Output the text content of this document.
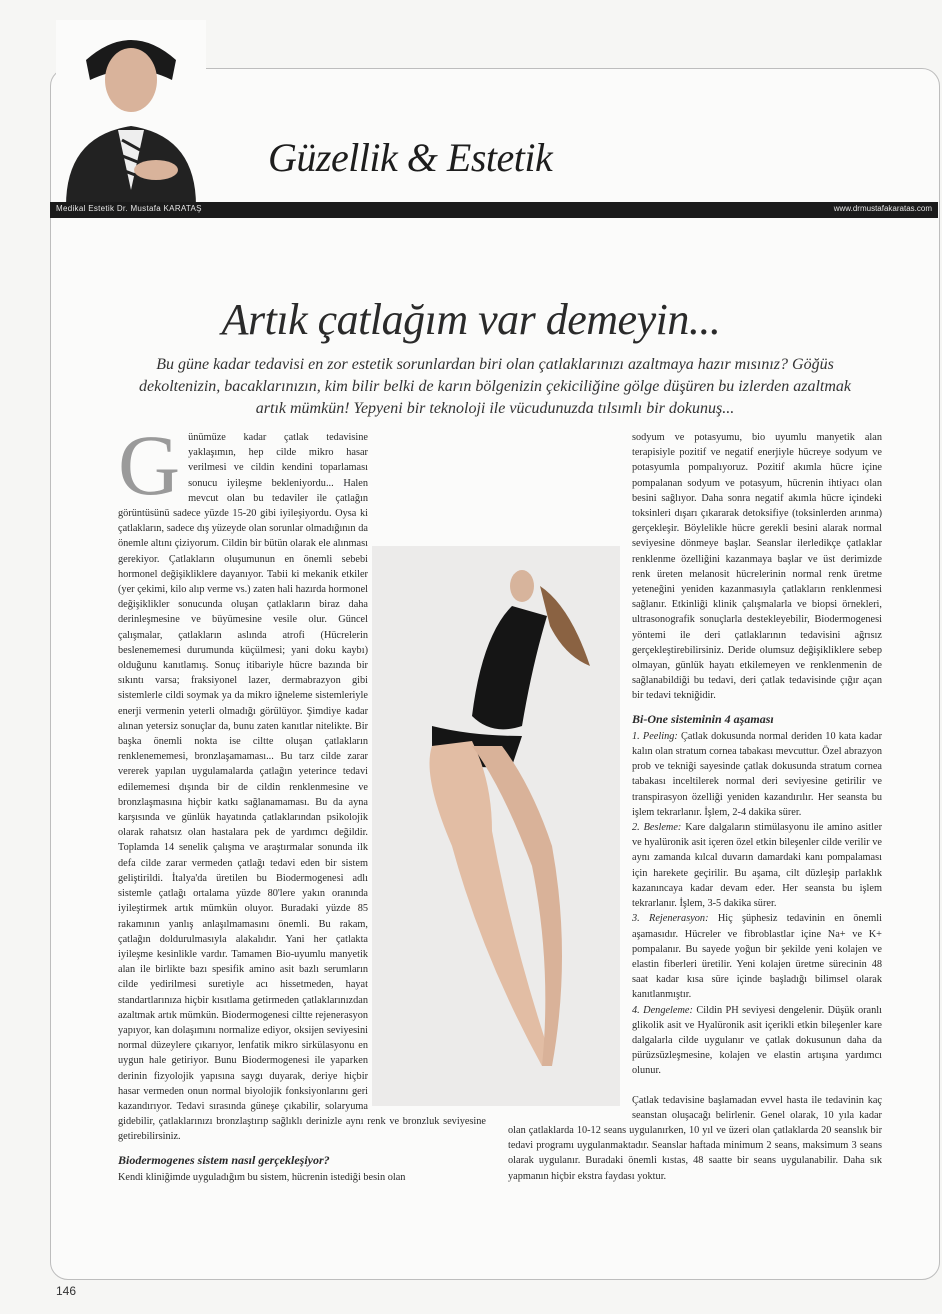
Güzellik & Estetik
Medikal Estetik Dr. Mustafa KARATAŞ	www.drmustafakaratas.com
Artık çatlağım var demeyin...
Bu güne kadar tedavisi en zor estetik sorunlardan biri olan çatlaklarınızı azaltmaya hazır mısınız? Göğüs dekoltenizin, bacaklarınızın, kim bilir belki de karın bölgenizin çekiciliğine gölge düşüren bu izlerden azaltmak artık mümkün! Yepyeni bir teknoloji ile vücudunuzda tılsımlı bir dokunuş...
G ünümüze kadar çatlak tedavisine yaklaşımın, hep cilde mikro hasar verilmesi ve cildin kendini toparlaması sonucu iyileşme bekleniyordu... Halen mevcut olan bu tedaviler ile çatlağın görüntüsünü sadece yüzde 15-20 gibi iyileşiyordu. Oysa ki çatlakların, sadece dış yüzeyde olan sorunlar olmadığının da önemle altını çiziyorum. Cildin bir bütün olarak ele alınması gerekiyor. Çatlakların oluşumunun en önemli sebebi hormonel değişikliklere dayanıyor. Tabii ki mekanik etkiler (yer çekimi, kilo alıp verme vs.) zaten hali hazırda hormonel değişiklikler sonucunda oluşan çatlakların biraz daha derinleşmesine ve büyümesine vesile olur. Güncel çalışmalar, çatlakların aslında atrofi (Hücrelerin beslenememesi durumunda küçülmesi; yani doku kaybı) olduğunu kanıtlamış. Sonuç itibariyle hücre bazında bir sıkıntı varsa; fraksiyonel lazer, dermabrazyon gibi sistemlerle cildi soymak ya da mikro iğneleme sistemleriyle enerji vermenin yeterli olmadığı görülüyor. Şimdiye kadar alınan yetersiz sonuçlar da, bunu zaten kanıtlar nitelikte. Bir başka önemli nokta ise ciltte oluşan çatlakların renklenememesi, bronzlaşamaması... Bu tarz cilde zarar vererek yapılan uygulamalarda çatlağın yeterince tedavi edilememesi dışında bir de cildin renklenmesine ve bronzlaşmasına hiçbir katkı sağlanamaması. Bu da ayna karşısında ve günlük hayatında çatlaklarından psikolojik olarak rahatsız olan hastalara pek de yardımcı değildir. Toplamda 14 senelik çalışma ve araştırmalar sonunda ilk defa cilde zarar vermeden çatlağı tedavi eden bir sistem geliştirildi. İtalya'da üretilen bu Biodermogenesi adlı sistemle çatlağı ortalama yüzde 80'lere yakın oranında iyileştirmek artık mümkün oluyor. Buradaki yüzde 85 rakamının yanlış anlaşılmamasını önemli. Bu rakam, çatlağın doldurulmasıyla alakalıdır. Yani her çatlakta iyileşme kesinlikle vardır. Tamamen Bio-uyumlu manyetik alan ile birlikte bazı spesifik amino asit bazlı serumların cilde yedirilmesi suretiyle acı hissetmeden, hayat standartlarınıza hiçbir kısıtlama getirmeden çatlaklarınızdan azaltmak artık mümkün. Biodermogenesi ciltte rejenerasyon yapıyor, kan dolaşımını normalize ediyor, oksijen seviyesini normal düzeylere çıkarıyor, lenfatik mikro sirkülasyonu en uygun hale getiriyor. Bunu Biodermogenesi ile yaparken derinin fizyolojik yapısına saygı duyarak, deriye hiçbir hasar vermeden onun normal biyolojik fonksiyonlarını geri kazandırıyor. Tedavi sırasında güneşe çıkabilir, solaryuma gidebilir, çatlaklarınızı bronzlaştırıp sağlıklı derinizle aynı renk ve bronzluk seviyesine getirebilirsiniz.

Biodermogenes sistem nasıl gerçekleşiyor?

Kendi kliniğimde uyguladığım bu sistem, hücrenin istediği besin olan

sodyum ve potasyumu, bio uyumlu manyetik alan terapisiyle pozitif ve negatif enerjiyle hücreye sodyum ve potasyumla pompalıyoruz. Pozitif akımla hücre içine pompalanan sodyum ve potasyum, hücrenin ihtiyacı olan besini sağlıyor. Daha sonra negatif akımla hücre içindeki toksinleri dışarı çıkararak detoksifiye (toksinlerden arınma) gerçekleşir. Böylelikle hücre gerekli besini alarak normal seviyesine dönmeye başlar. Seanslar ilerledikçe çatlaklar renklenme özelliğini kazanmaya başlar ve üst derimizde renk üreten melanosit hücrelerinin normal renk üretme yeteneğini yeniden kazanmasıyla çatlakların renklenmesi sağlanır. Etkinliği klinik çalışmalarla ve biopsi örnekleri, ultrasonografik sonuçlarla destekleyebilir, Biodermogenesi yöntemi ile deri çatlaklarının tedavisini ağrısız gerçekleştirebilirsiniz. Deride olumsuz değişikliklere sebep olmayan, günlük hayatı etkilemeyen ve renklenmenin de sağlanabildiği bu tedavi, deri çatlak tedavisinde çığır açan bir tedavi tekniğidir.

Bi-One sisteminin 4 aşaması

1. Peeling: Çatlak dokusunda normal deriden 10 kata kadar kalın olan stratum cornea tabakası mevcuttur. Özel abrazyon prob ve tekniği sayesinde çatlak dokusunda stratum cornea tabakası inceltilerek normal deri seviyesine getirilir ve transpirasyon özelliği yeniden kazandırılır. Her seansta bu işlem tekrarlanır. İşlem, 2-4 dakika sürer.

2. Besleme: Kare dalgaların stimülasyonu ile amino asitler ve hyalüronik asit içeren özel etkin bileşenler cilde verilir ve aynı zamanda kılcal duvarın damardaki kanı pompalaması için harekete geçirilir. Bu aşama, cilt düzleşip parlaklık kazanıncaya kadar devam eder. Her seansta bu işlem tekrarlanır. İşlem, 3-5 dakika sürer.

3. Rejenerasyon: Hiç şüphesiz tedavinin en önemli aşamasıdır. Hücreler ve fibroblastlar içine Na+ ve K+ pompalanır. Bu sayede yoğun bir şekilde yeni kolajen ve elastin fiberleri üretilir. Yeni kolajen üretme sürecinin 48 saat kadar kısa süre içinde başladığı bilimsel olarak kanıtlanmıştır.

4. Dengeleme: Cildin PH seviyesi dengelenir. Düşük oranlı glikolik asit ve Hyalüronik asit içerikli etkin bileşenler kare dalgalarla cilde uygulanır ve çatlak dokusunun daha da pürüzsüzleşmesine, kolajen ve elastin artışına yardımcı olunur.

Çatlak tedavisine başlamadan evvel hasta ile tedavinin kaç seanstan oluşacağı belirlenir. Genel olarak, 10 yıla kadar olan çatlaklarda 10-12 seans uygulanırken, 10 yıl ve üzeri olan çatlaklarda 20 seanslık bir tedavi programı uygulanmaktadır. Seanslar haftada minimum 2 seans, maksimum 3 seans olarak uygulanır. Buradaki önemli kıstas, 48 saatte bir seans uygulanabilir. Daha sık yapmanın hiçbir ekstra faydası yoktur.

146
